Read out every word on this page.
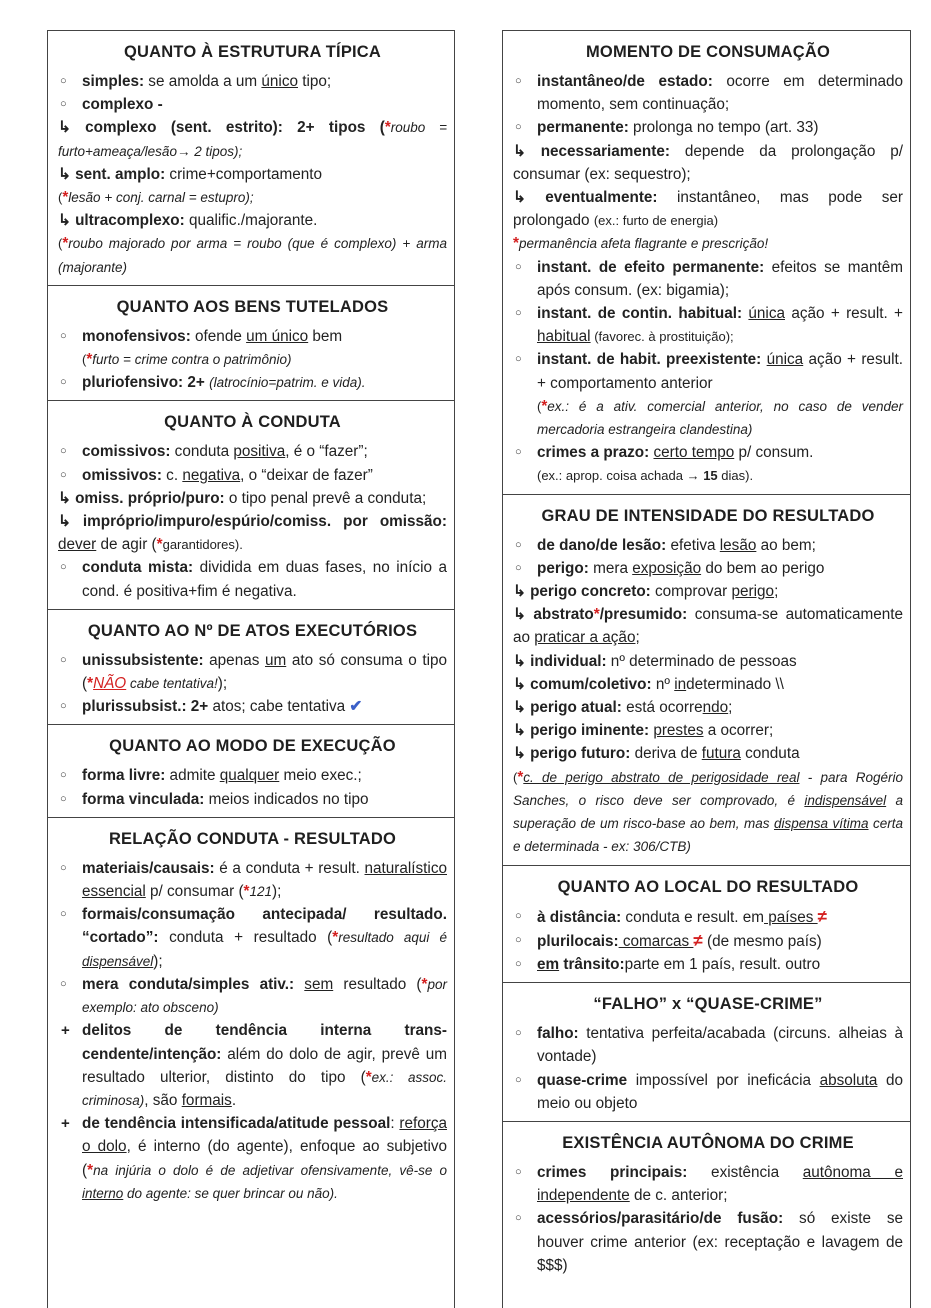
QUANTO À ESTRUTURA TÍPICA

○ simples: se amolda a um único tipo;

○ complexo -

↳ complexo (sent. estrito): 2+ tipos (*roubo = furto+ameaça/lesão→ 2 tipos);

↳ sent. amplo: crime+comportamento
(*lesão + conj. carnal = estupro);

↳ ultracomplexo: qualific./majorante.
(*roubo majorado por arma = roubo (que é complexo) + arma (majorante)

QUANTO AOS BENS TUTELADOS

○ monofensivos: ofende um único bem
(*furto = crime contra o patrimônio)

○ pluriofensivo: 2+ (latrocínio=patrim. e vida).

QUANTO À CONDUTA

○ comissivos: conduta positiva, é o “fazer”;

○ omissivos: c. negativa, o “deixar de fazer”

↳ omiss. próprio/puro: o tipo penal prevê a conduta;

↳ impróprio/impuro/espúrio/comiss. por omissão: dever de agir (*garantidores).

○ conduta mista: dividida em duas fases, no início a cond. é positiva+fim é negativa.

QUANTO AO Nº DE ATOS EXECUTÓRIOS

○ unissubsistente: apenas um ato só consuma o tipo (*NÃO cabe tentativa!);

○ plurissubsist.: 2+ atos; cabe tentativa ✔

QUANTO AO MODO DE EXECUÇÃO

○ forma livre: admite qualquer meio exec.;

○ forma vinculada: meios indicados no tipo

RELAÇÃO CONDUTA - RESULTADO

○ materiais/causais: é a conduta + result. naturalístico essencial p/ consumar (*121);

○ formais/consumação antecipada/ resultado. “cortado”: conduta + resultado (*resultado aqui é dispensável);

○ mera conduta/simples ativ.: sem resultado (*por exemplo: ato obsceno)

+ delitos de tendência interna trans-cendente/intenção: além do dolo de agir, prevê um resultado ulterior, distinto do tipo (*ex.: assoc. criminosa), são formais.

+ de tendência intensificada/atitude pessoal: reforça o dolo, é interno (do agente), enfoque ao subjetivo (*na injúria o dolo é de adjetivar ofensivamente, vê-se o interno do agente: se quer brincar ou não).

MOMENTO DE CONSUMAÇÃO

○ instantâneo/de estado: ocorre em determinado momento, sem continuação;

○ permanente: prolonga no tempo (art. 33)

↳ necessariamente: depende da prolongação p/ consumar (ex: sequestro);

↳ eventualmente: instantâneo, mas pode ser prolongado (ex.: furto de energia)

*permanência afeta flagrante e prescrição!

○ instant. de efeito permanente: efeitos se mantêm após consum. (ex: bigamia);

○ instant. de contin. habitual: única ação + result. + habitual (favorec. à prostituição);

○ instant. de habit. preexistente: única ação + result. + comportamento anterior
(*ex.: é a ativ. comercial anterior, no caso de vender mercadoria estrangeira clandestina)

○ crimes a prazo: certo tempo p/ consum.
(ex.: aprop. coisa achada → 15 dias).

GRAU DE INTENSIDADE DO RESULTADO

○ de dano/de lesão: efetiva lesão ao bem;

○ perigo: mera exposição do bem ao perigo

↳ perigo concreto: comprovar perigo;

↳ abstrato*/presumido: consuma-se automaticamente ao praticar a ação;

↳ individual: nº determinado de pessoas

↳ comum/coletivo: nº indeterminado \\

↳ perigo atual: está ocorrendo;

↳ perigo iminente: prestes a ocorrer;

↳ perigo futuro: deriva de futura conduta
(*c. de perigo abstrato de perigosidade real - para Rogério Sanches, o risco deve ser comprovado, é indispensável a superação de um risco-base ao bem, mas dispensa vítima certa e determinada - ex: 306/CTB)

QUANTO AO LOCAL DO RESULTADO

○ à distância: conduta e result. em países ≠

○ plurilocais: comarcas ≠ (de mesmo país)

○ em trânsito:parte em 1 país, result. outro

“FALHO” x “QUASE-CRIME”

○ falho: tentativa perfeita/acabada (circuns. alheias à vontade)

○ quase-crime impossível por ineficácia absoluta do meio ou objeto

EXISTÊNCIA AUTÔNOMA DO CRIME

○ crimes principais: existência autônoma e independente de c. anterior;

○ acessórios/parasitário/de fusão: só existe se houver crime anterior (ex: receptação e lavagem de $$$)
